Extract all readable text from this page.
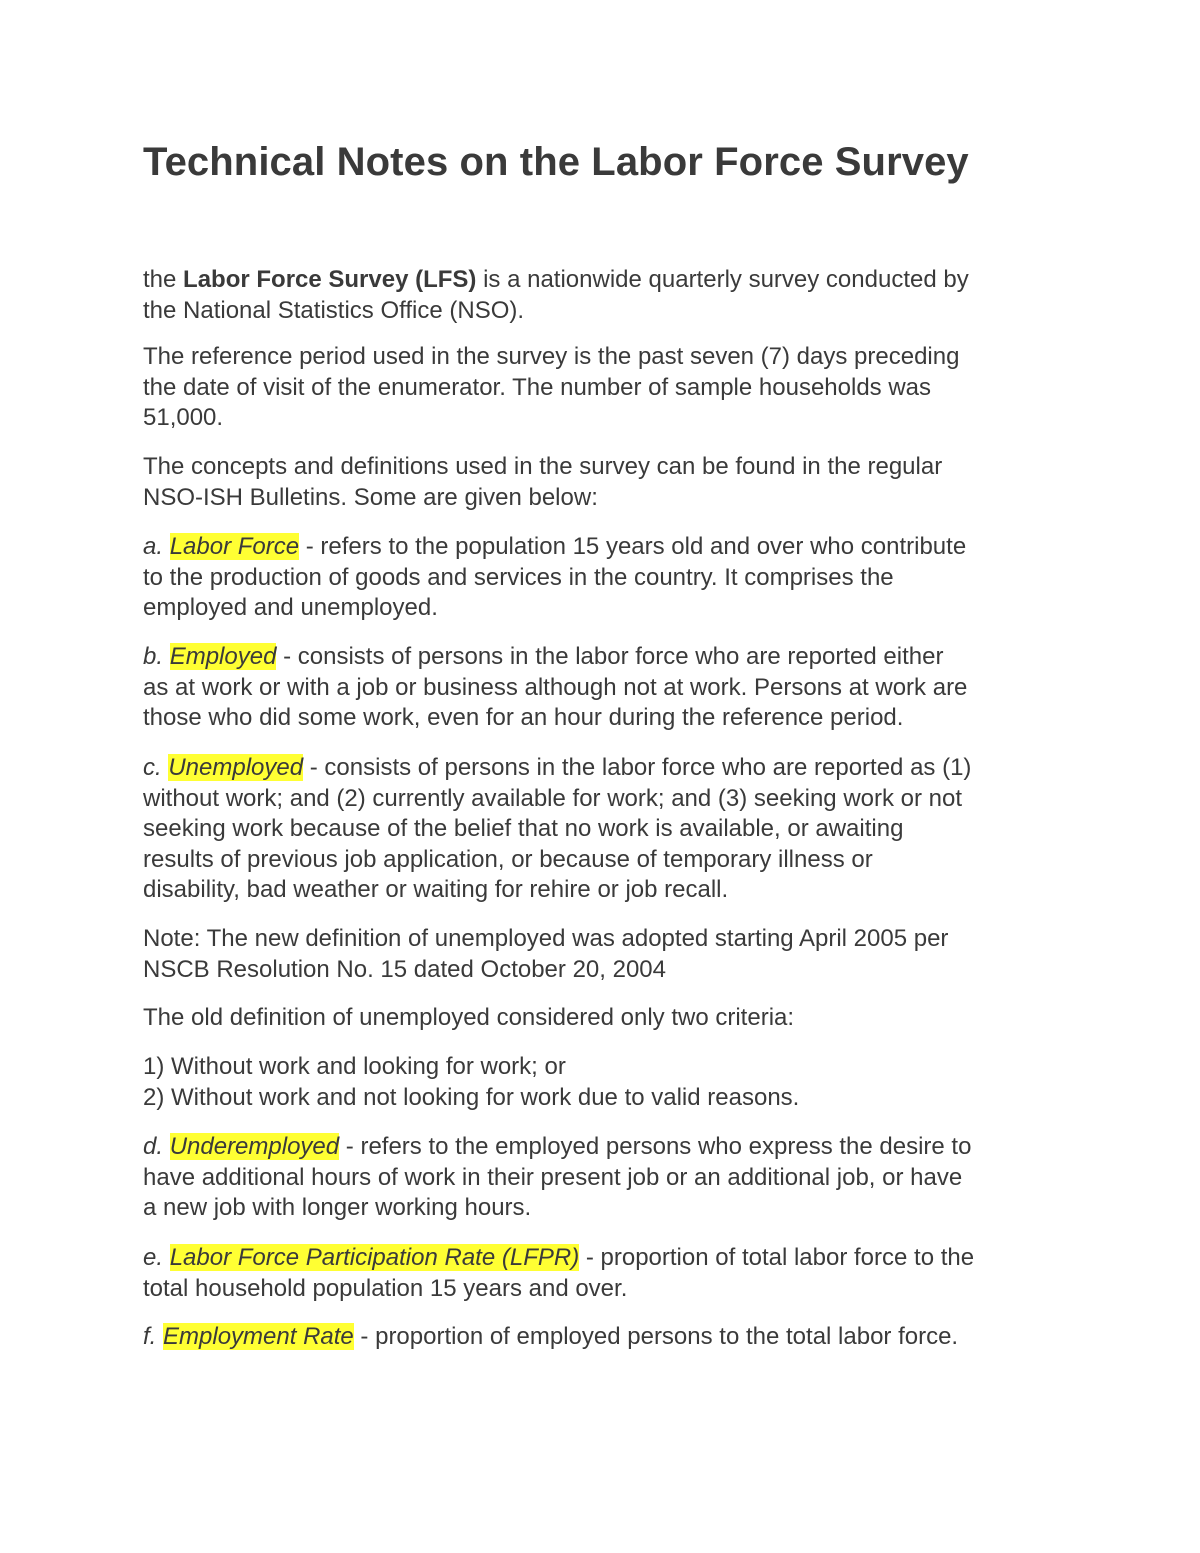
Technical Notes on the Labor Force Survey

the Labor Force Survey (LFS) is a nationwide quarterly survey conducted by
the National Statistics Office (NSO).

The reference period used in the survey is the past seven (7) days preceding
the date of visit of the enumerator. The number of sample households was
51,000.

The concepts and definitions used in the survey can be found in the regular
NSO-ISH Bulletins. Some are given below:

a. Labor Force - refers to the population 15 years old and over who contribute
to the production of goods and services in the country. It comprises the
employed and unemployed.

b. Employed - consists of persons in the labor force who are reported either
as at work or with a job or business although not at work. Persons at work are
those who did some work, even for an hour during the reference period.

c. Unemployed - consists of persons in the labor force who are reported as (1)
without work; and (2) currently available for work; and (3) seeking work or not
seeking work because of the belief that no work is available, or awaiting
results of previous job application, or because of temporary illness or
disability, bad weather or waiting for rehire or job recall.

Note: The new definition of unemployed was adopted starting April 2005 per
NSCB Resolution No. 15 dated October 20, 2004

The old definition of unemployed considered only two criteria:

1) Without work and looking for work; or
2) Without work and not looking for work due to valid reasons.

d. Underemployed - refers to the employed persons who express the desire to
have additional hours of work in their present job or an additional job, or have
a new job with longer working hours.

e. Labor Force Participation Rate (LFPR) - proportion of total labor force to the
total household population 15 years and over.

f. Employment Rate - proportion of employed persons to the total labor force.
